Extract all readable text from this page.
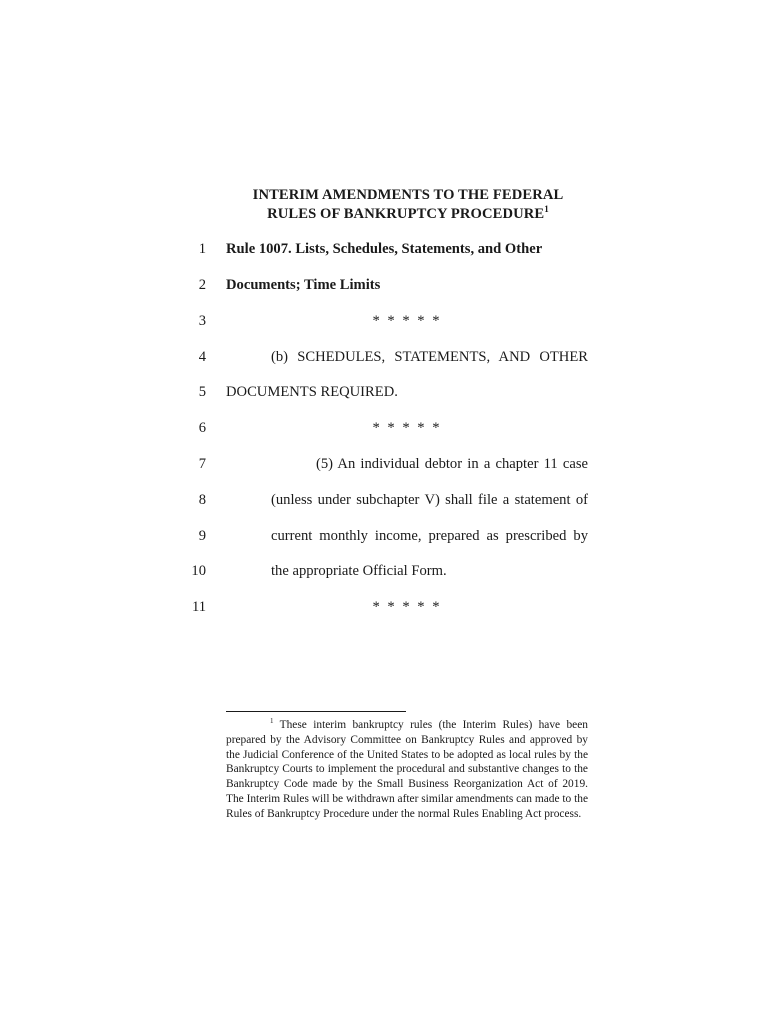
INTERIM AMENDMENTS TO THE FEDERAL
RULES OF BANKRUPTCY PROCEDURE$^1$
1 Rule 1007. Lists, Schedules, Statements, and Other
2 Documents; Time Limits
3	* * * * *
4	(b) SCHEDULES, STATEMENTS, AND OTHER
5 DOCUMENTS REQUIRED.
6	* * * * *
7	(5) An individual debtor in a chapter 11 case
8	(unless under subchapter V) shall file a statement of
9	current monthly income, prepared as prescribed by
10	the appropriate Official Form.
11	* * * * *
$^1$ These interim bankruptcy rules (the Interim Rules) have been prepared by the Advisory Committee on Bankruptcy Rules and approved by the Judicial Conference of the United States to be adopted as local rules by the Bankruptcy Courts to implement the procedural and substantive changes to the Bankruptcy Code made by the Small Business Reorganization Act of 2019. The Interim Rules will be withdrawn after similar amendments can made to the Rules of Bankruptcy Procedure under the normal Rules Enabling Act process.
